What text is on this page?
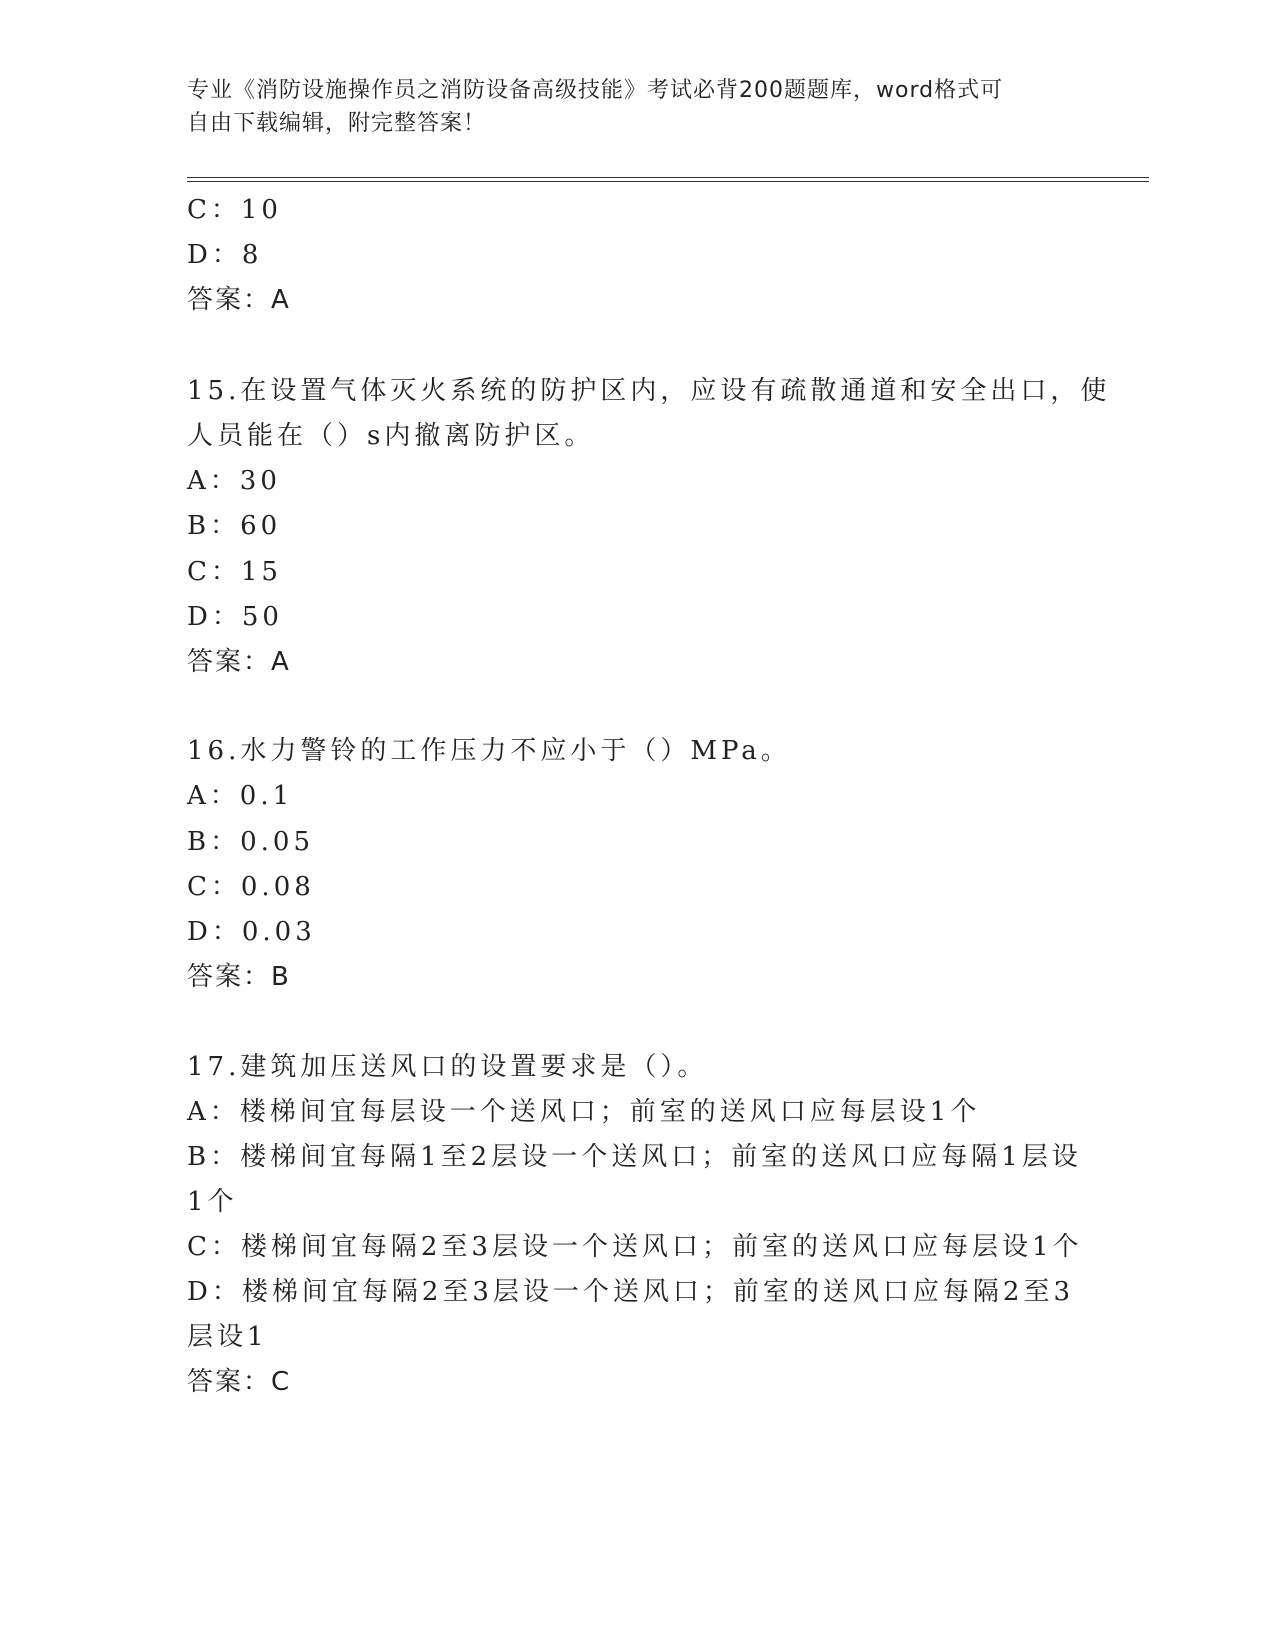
专业《消防设施操作员之消防设备高级技能》考试必背200题题库，word格式可
自由下载编辑，附完整答案！
C：10
D：8
答案：A
15.在设置气体灭火系统的防护区内，应设有疏散通道和安全出口，使
人员能在（）s内撤离防护区。
A：30
B：60
C：15
D：50
答案：A
16.水力警铃的工作压力不应小于（）MPa。
A：0.1
B：0.05
C：0.08
D：0.03
答案：B
17.建筑加压送风口的设置要求是（）。
A：楼梯间宜每层设一个送风口；前室的送风口应每层设1个
B：楼梯间宜每隔1至2层设一个送风口；前室的送风口应每隔1层设
1个
C：楼梯间宜每隔2至3层设一个送风口；前室的送风口应每层设1个
D：楼梯间宜每隔2至3层设一个送风口；前室的送风口应每隔2至3
层设1
答案：C
